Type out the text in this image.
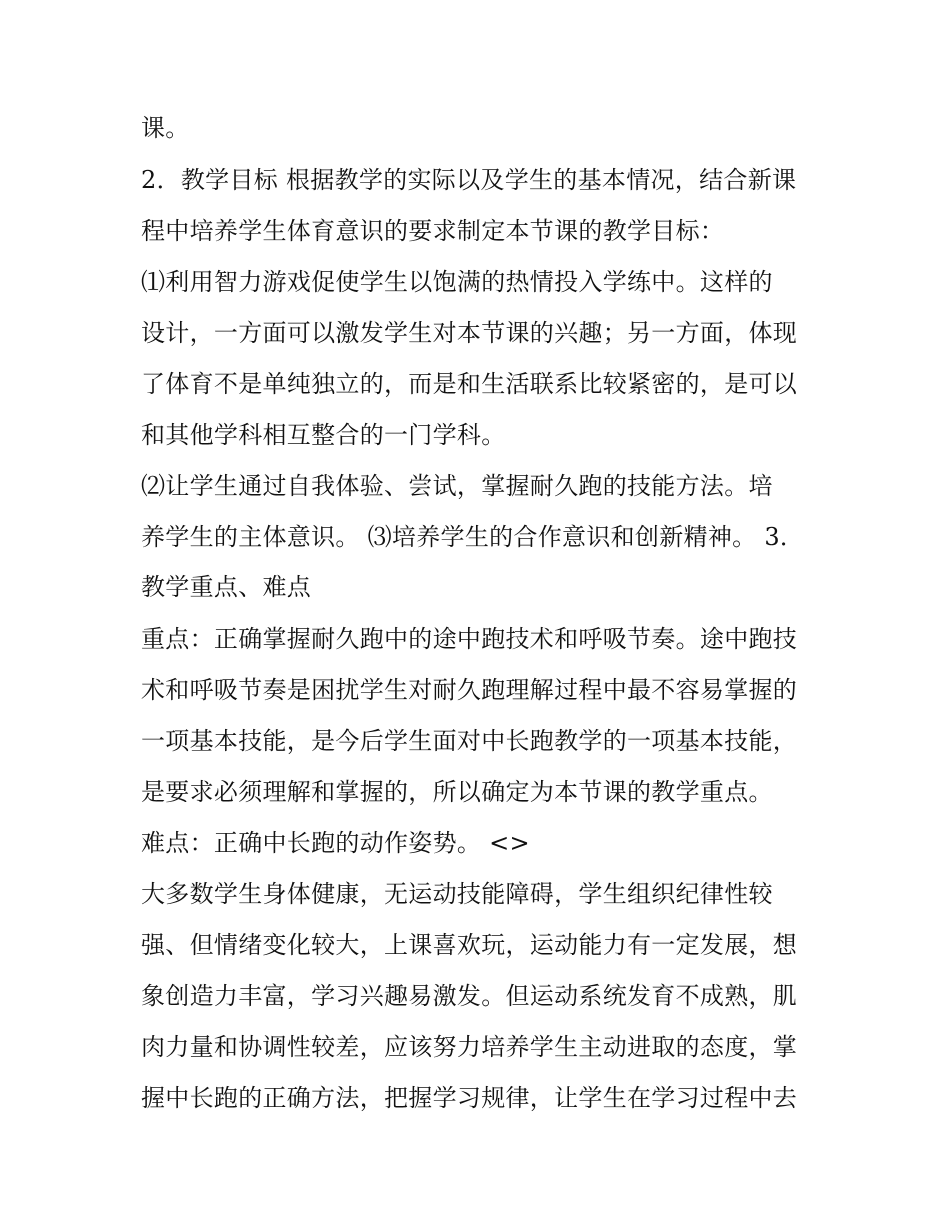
课。
2．教学目标 根据教学的实际以及学生的基本情况，结合新课
程中培养学生体育意识的要求制定本节课的教学目标：
⑴利用智力游戏促使学生以饱满的热情投入学练中。这样的
设计，一方面可以激发学生对本节课的兴趣；另一方面，体现
了体育不是单纯独立的，而是和生活联系比较紧密的，是可以
和其他学科相互整合的一门学科。
⑵让学生通过自我体验、尝试，掌握耐久跑的技能方法。培
养学生的主体意识。 ⑶培养学生的合作意识和创新精神。 3．
教学重点、难点
重点：正确掌握耐久跑中的途中跑技术和呼吸节奏。途中跑技
术和呼吸节奏是困扰学生对耐久跑理解过程中最不容易掌握的
一项基本技能，是今后学生面对中长跑教学的一项基本技能，
是要求必须理解和掌握的，所以确定为本节课的教学重点。
难点：正确中长跑的动作姿势。 <>
大多数学生身体健康，无运动技能障碍，学生组织纪律性较
强、但情绪变化较大，上课喜欢玩，运动能力有一定发展，想
象创造力丰富，学习兴趣易激发。但运动系统发育不成熟，肌
肉力量和协调性较差，应该努力培养学生主动进取的态度，掌
握中长跑的正确方法，把握学习规律，让学生在学习过程中去
